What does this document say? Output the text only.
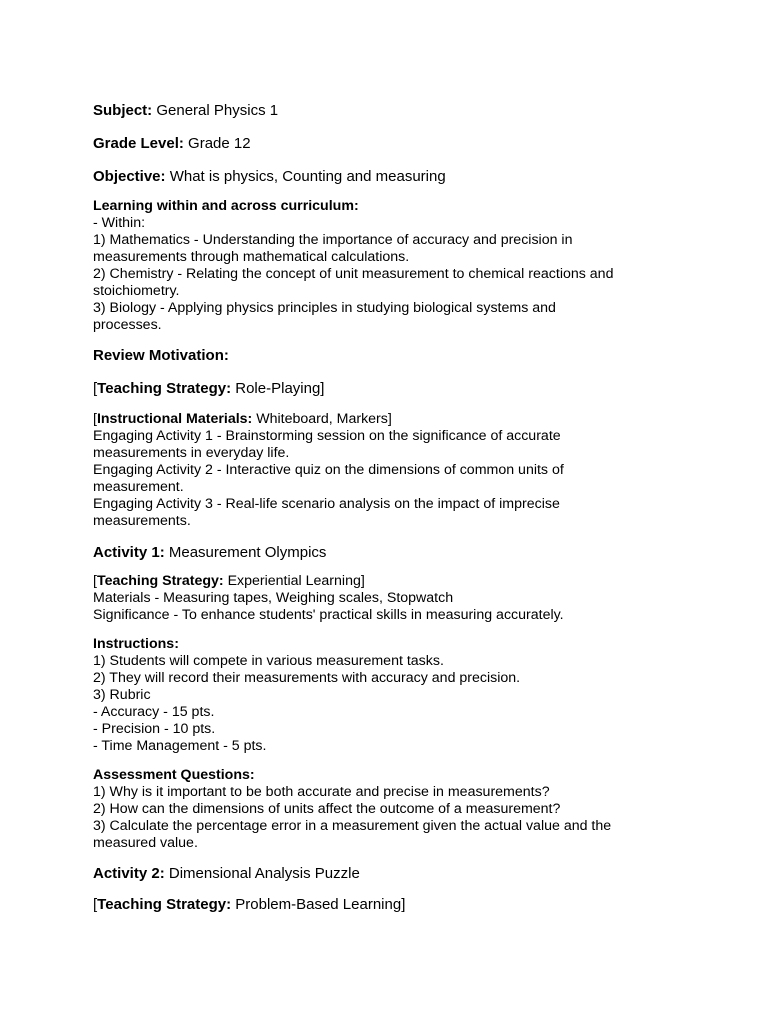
Subject: General Physics 1

Grade Level: Grade 12

Objective: What is physics, Counting and measuring

Learning within and across curriculum:
- Within:
1) Mathematics - Understanding the importance of accuracy and precision in
measurements through mathematical calculations.
2) Chemistry - Relating the concept of unit measurement to chemical reactions and
stoichiometry.
3) Biology - Applying physics principles in studying biological systems and
processes.

Review Motivation:

[Teaching Strategy: Role-Playing]

[Instructional Materials: Whiteboard, Markers]
Engaging Activity 1 - Brainstorming session on the significance of accurate
measurements in everyday life.
Engaging Activity 2 - Interactive quiz on the dimensions of common units of
measurement.
Engaging Activity 3 - Real-life scenario analysis on the impact of imprecise
measurements.

Activity 1: Measurement Olympics

[Teaching Strategy: Experiential Learning]
Materials - Measuring tapes, Weighing scales, Stopwatch
Significance - To enhance students' practical skills in measuring accurately.
Instructions:
1) Students will compete in various measurement tasks.
2) They will record their measurements with accuracy and precision.
3) Rubric
- Accuracy - 15 pts.
- Precision - 10 pts.
- Time Management - 5 pts.
Assessment Questions:
1) Why is it important to be both accurate and precise in measurements?
2) How can the dimensions of units affect the outcome of a measurement?
3) Calculate the percentage error in a measurement given the actual value and the
measured value.

Activity 2: Dimensional Analysis Puzzle

[Teaching Strategy: Problem-Based Learning]
